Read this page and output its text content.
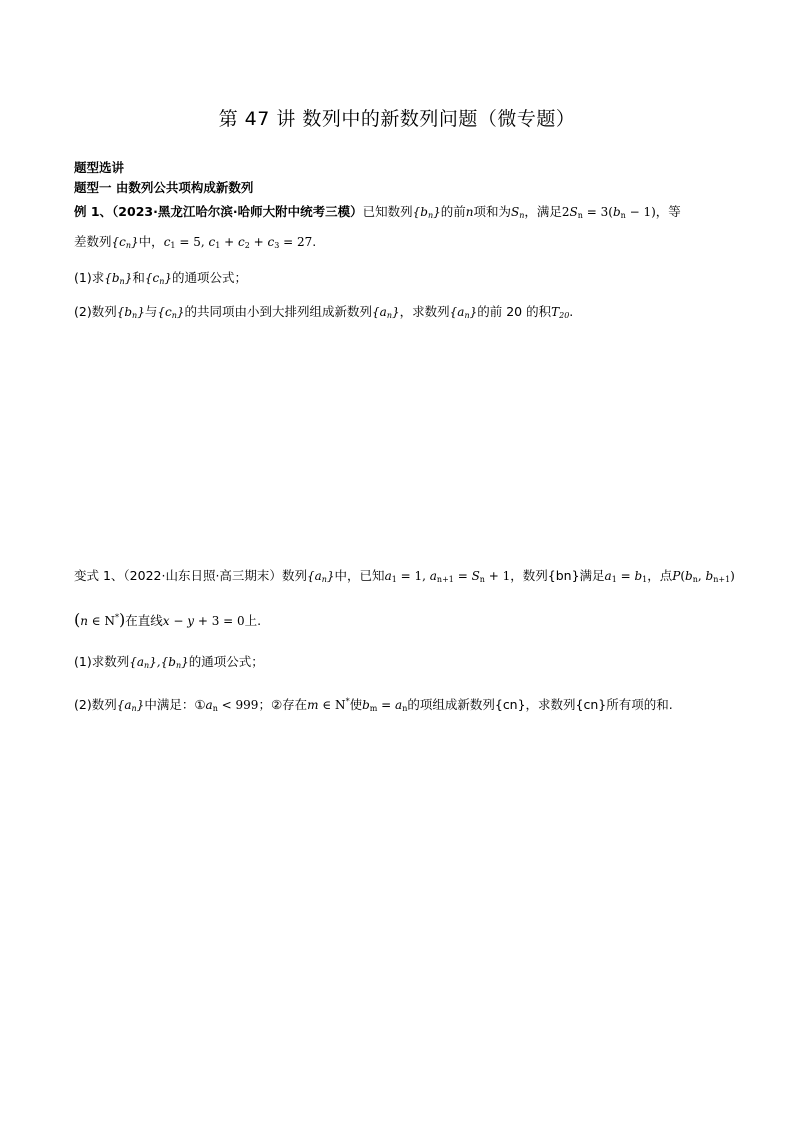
第 47 讲 数列中的新数列问题（微专题）
题型选讲
题型一 由数列公共项构成新数列
例 1、（2023·黑龙江哈尔滨·哈师大附中统考三模）已知数列$\{b_n\}$的前n项和为$S_n$，满足$2S_n = 3(b_n - 1)$，等
差数列$\{c_n\}$中，$c_1 = 5$, $c_1 + c_2 + c_3 = 27$.
(1)求$\{b_n\}$和$\{c_n\}$的通项公式；
(2)数列$\{b_n\}$与$\{c_n\}$的共同项由小到大排列组成新数列$\{a_n\}$，求数列$\{a_n\}$的前 20 的积$T_{20}$.
变式 1、（2022·山东日照·高三期末）数列$\{a_n\}$中，已知$a_1 = 1$, $a_{n+1} = S_n + 1$，数列{bn}满足$a_1 = b_1$，点$P(b_n$, $b_{n+1}$)
(n ∈ N*)在直线x − y + 3 = 0上.
(1)求数列$\{a_n\},\{b_n\}$的通项公式；
(2)数列$\{a_n\}$中满足：$①a_n < 999$；②存在m ∈ N*使$b_m = a_n$的项组成新数列{cn}，求数列{cn}所有项的和.
